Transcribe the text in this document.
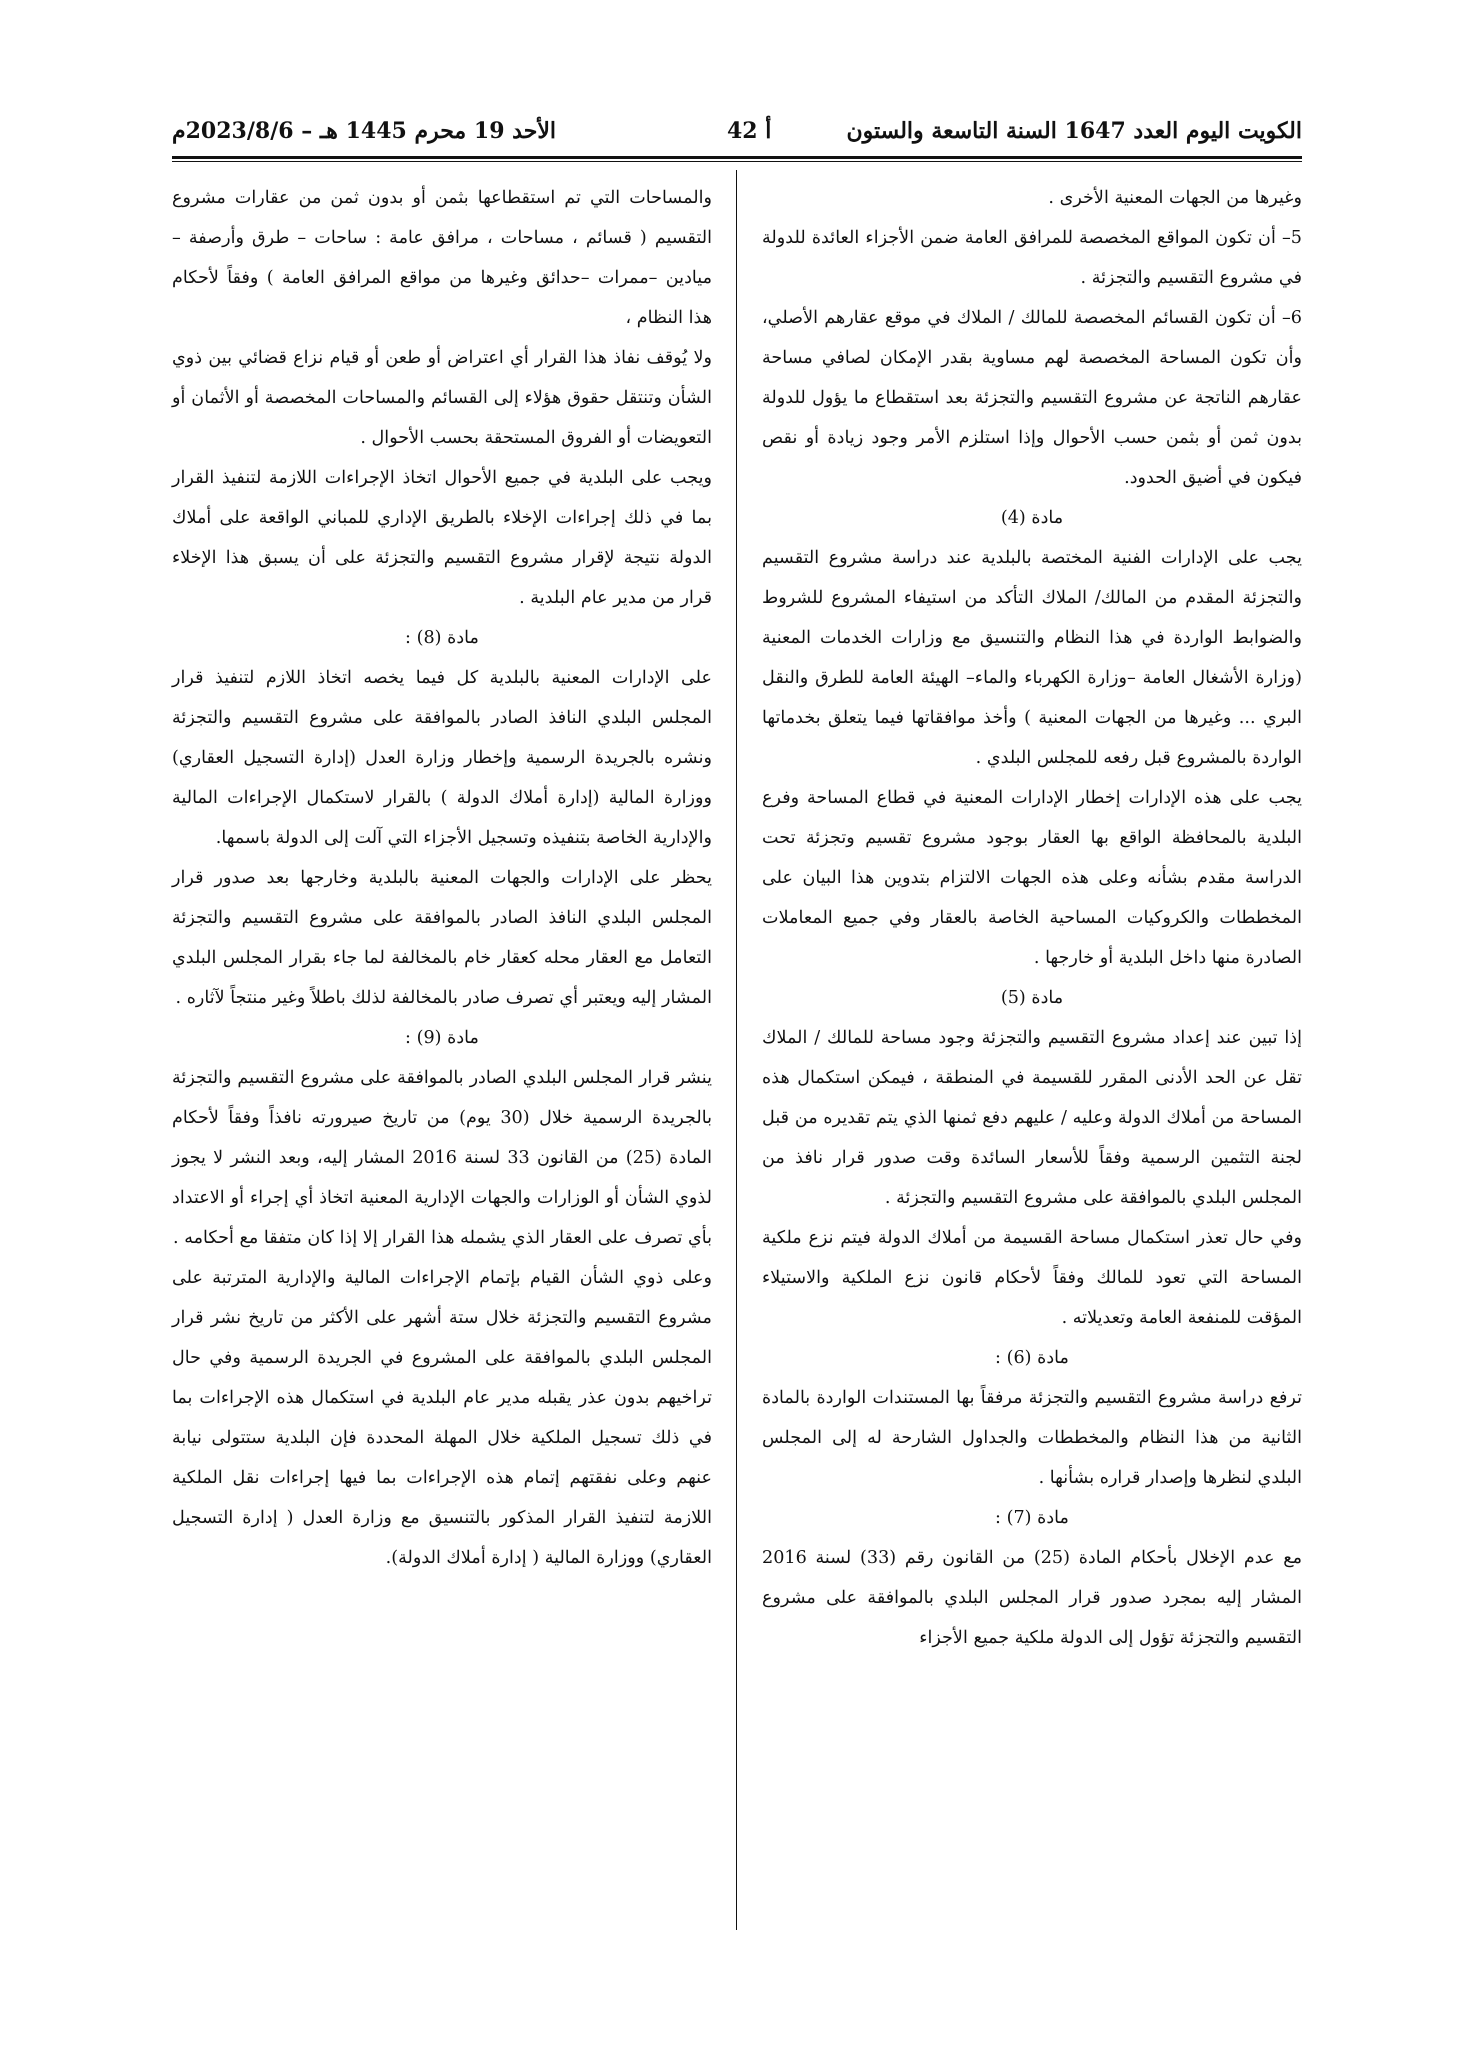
الكويت اليوم العدد 1647 السنة التاسعة والستون
أ 42
الأحد 19 محرم 1445 هـ – 2023/8/6م

وغيرها من الجهات المعنية الأخرى .

5– أن تكون المواقع المخصصة للمرافق العامة ضمن الأجزاء العائدة للدولة في مشروع التقسيم والتجزئة .

6– أن تكون القسائم المخصصة للمالك / الملاك في موقع عقارهم الأصلي، وأن تكون المساحة المخصصة لهم مساوية بقدر الإمكان لصافي مساحة عقارهم الناتجة عن مشروع التقسيم والتجزئة بعد استقطاع ما يؤول للدولة بدون ثمن أو بثمن حسب الأحوال وإذا استلزم الأمر وجود زيادة أو نقص فيكون في أضيق الحدود.

مادة (4)

يجب على الإدارات الفنية المختصة بالبلدية عند دراسة مشروع التقسيم والتجزئة المقدم من المالك/ الملاك التأكد من استيفاء المشروع للشروط والضوابط الواردة في هذا النظام والتنسيق مع وزارات الخدمات المعنية (وزارة الأشغال العامة –وزارة الكهرباء والماء– الهيئة العامة للطرق والنقل البري ... وغيرها من الجهات المعنية ) وأخذ موافقاتها فيما يتعلق بخدماتها الواردة بالمشروع قبل رفعه للمجلس البلدي .

يجب على هذه الإدارات إخطار الإدارات المعنية في قطاع المساحة وفرع البلدية بالمحافظة الواقع بها العقار بوجود مشروع تقسيم وتجزئة تحت الدراسة مقدم بشأنه وعلى هذه الجهات الالتزام بتدوين هذا البيان على المخططات والكروكيات المساحية الخاصة بالعقار وفي جميع المعاملات الصادرة منها داخل البلدية أو خارجها .

مادة (5)

إذا تبين عند إعداد مشروع التقسيم والتجزئة وجود مساحة للمالك / الملاك تقل عن الحد الأدنى المقرر للقسيمة في المنطقة ، فيمكن استكمال هذه المساحة من أملاك الدولة وعليه / عليهم دفع ثمنها الذي يتم تقديره من قبل لجنة التثمين الرسمية وفقاً للأسعار السائدة وقت صدور قرار نافذ من المجلس البلدي بالموافقة على مشروع التقسيم والتجزئة .

وفي حال تعذر استكمال مساحة القسيمة من أملاك الدولة فيتم نزع ملكية المساحة التي تعود للمالك وفقاً لأحكام قانون نزع الملكية والاستيلاء المؤقت للمنفعة العامة وتعديلاته .

مادة (6) :

ترفع دراسة مشروع التقسيم والتجزئة مرفقاً بها المستندات الواردة بالمادة الثانية من هذا النظام والمخططات والجداول الشارحة له إلى المجلس البلدي لنظرها وإصدار قراره بشأنها .

مادة (7) :

مع عدم الإخلال بأحكام المادة (25) من القانون رقم (33) لسنة 2016 المشار إليه بمجرد صدور قرار المجلس البلدي بالموافقة على مشروع التقسيم والتجزئة تؤول إلى الدولة ملكية جميع الأجزاء

والمساحات التي تم استقطاعها بثمن أو بدون ثمن من عقارات مشروع التقسيم ( قسائم ، مساحات ، مرافق عامة : ساحات – طرق وأرصفة –ميادين –ممرات –حدائق وغيرها من مواقع المرافق العامة ) وفقاً لأحكام هذا النظام ،

ولا يُوقف نفاذ هذا القرار أي اعتراض أو طعن أو قيام نزاع قضائي بين ذوي الشأن وتنتقل حقوق هؤلاء إلى القسائم والمساحات المخصصة أو الأثمان أو التعويضات أو الفروق المستحقة بحسب الأحوال .

ويجب على البلدية في جميع الأحوال اتخاذ الإجراءات اللازمة لتنفيذ القرار بما في ذلك إجراءات الإخلاء بالطريق الإداري للمباني الواقعة على أملاك الدولة نتيجة لإقرار مشروع التقسيم والتجزئة على أن يسبق هذا الإخلاء قرار من مدير عام البلدية .

مادة (8) :

على الإدارات المعنية بالبلدية كل فيما يخصه اتخاذ اللازم لتنفيذ قرار المجلس البلدي النافذ الصادر بالموافقة على مشروع التقسيم والتجزئة ونشره بالجريدة الرسمية وإخطار وزارة العدل (إدارة التسجيل العقاري) ووزارة المالية (إدارة أملاك الدولة ) بالقرار لاستكمال الإجراءات المالية والإدارية الخاصة بتنفيذه وتسجيل الأجزاء التي آلت إلى الدولة باسمها.

يحظر على الإدارات والجهات المعنية بالبلدية وخارجها بعد صدور قرار المجلس البلدي النافذ الصادر بالموافقة على مشروع التقسيم والتجزئة التعامل مع العقار محله كعقار خام بالمخالفة لما جاء بقرار المجلس البلدي المشار إليه ويعتبر أي تصرف صادر بالمخالفة لذلك باطلاً وغير منتجاً لآثاره .

مادة (9) :

ينشر قرار المجلس البلدي الصادر بالموافقة على مشروع التقسيم والتجزئة بالجريدة الرسمية خلال (30 يوم) من تاريخ صيرورته نافذاً وفقاً لأحكام المادة (25) من القانون 33 لسنة 2016 المشار إليه، وبعد النشر لا يجوز لذوي الشأن أو الوزارات والجهات الإدارية المعنية اتخاذ أي إجراء أو الاعتداد بأي تصرف على العقار الذي يشمله هذا القرار إلا إذا كان متفقا مع أحكامه .

وعلى ذوي الشأن القيام بإتمام الإجراءات المالية والإدارية المترتبة على مشروع التقسيم والتجزئة خلال ستة أشهر على الأكثر من تاريخ نشر قرار المجلس البلدي بالموافقة على المشروع في الجريدة الرسمية وفي حال تراخيهم بدون عذر يقبله مدير عام البلدية في استكمال هذه الإجراءات بما في ذلك تسجيل الملكية خلال المهلة المحددة فإن البلدية ستتولى نيابة عنهم وعلى نفقتهم إتمام هذه الإجراءات بما فيها إجراءات نقل الملكية اللازمة لتنفيذ القرار المذكور بالتنسيق مع وزارة العدل ( إدارة التسجيل العقاري) ووزارة المالية ( إدارة أملاك الدولة).
